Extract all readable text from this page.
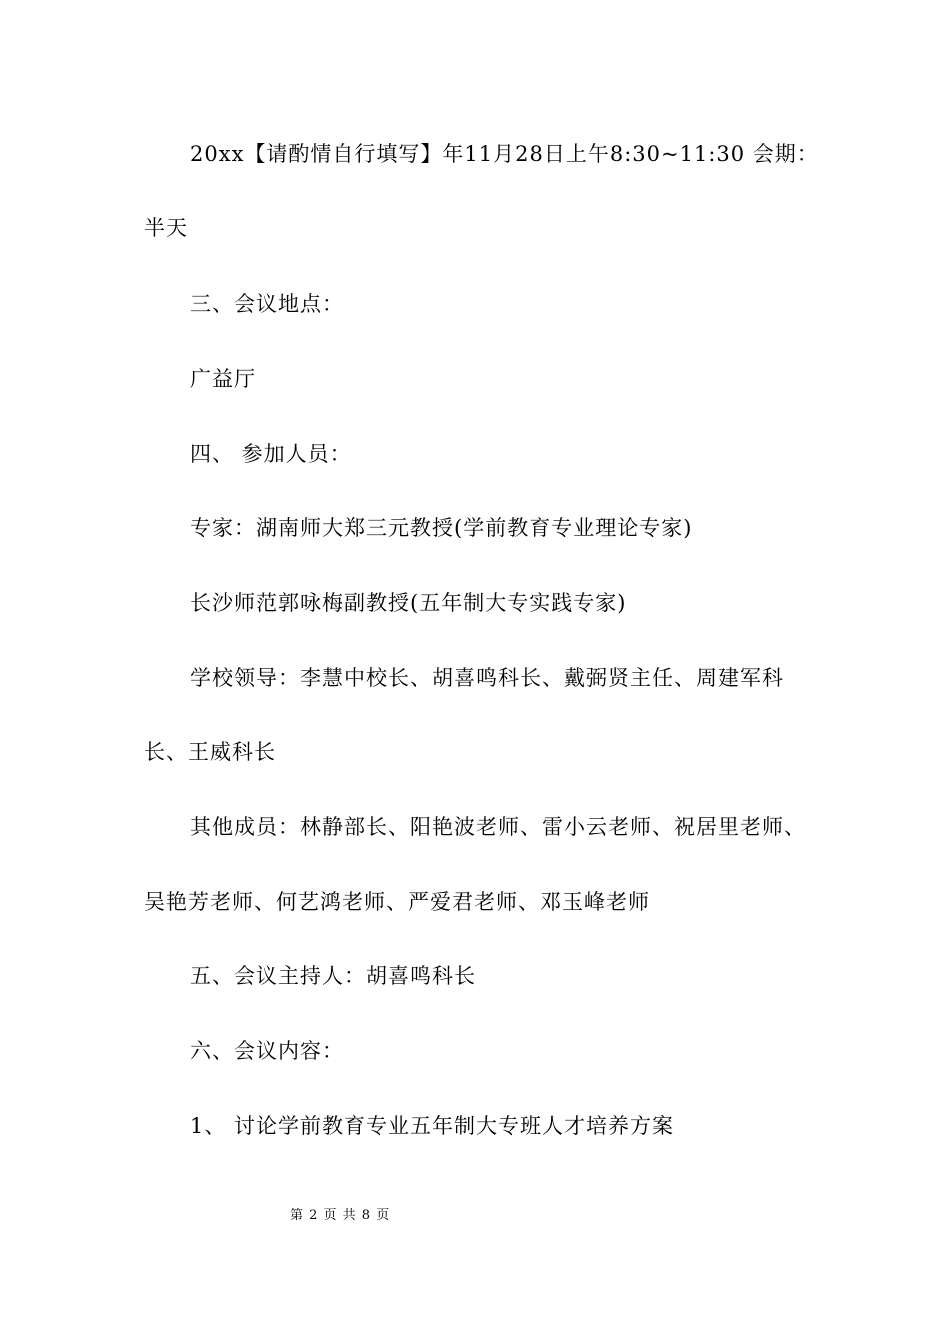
20xx【请酌情自行填写】年11月28日上午8:30~11:30 会期：
半天
三、会议地点：
广益厅
四、 参加人员：
专家：湖南师大郑三元教授(学前教育专业理论专家)
长沙师范郭咏梅副教授(五年制大专实践专家)
学校领导：李慧中校长、胡喜鸣科长、戴弼贤主任、周建军科
长、王威科长
其他成员：林静部长、阳艳波老师、雷小云老师、祝居里老师、
吴艳芳老师、何艺鸿老师、严爱君老师、邓玉峰老师
五、会议主持人：胡喜鸣科长
六、会议内容：
1、 讨论学前教育专业五年制大专班人才培养方案
第 2 页 共 8 页
